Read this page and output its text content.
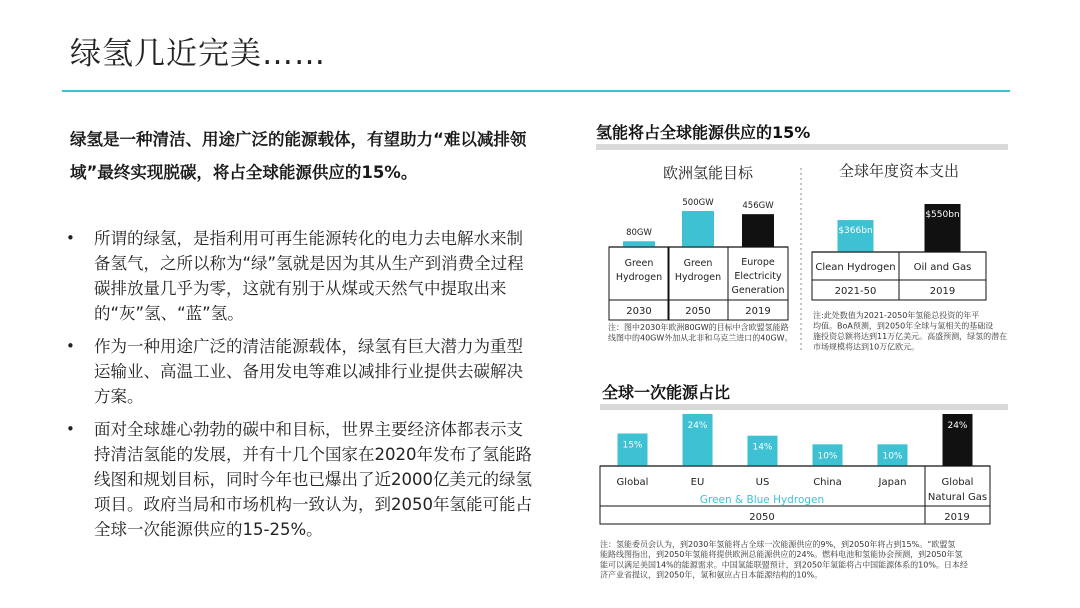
绿氢几近完美……
绿氢是一种清洁、用途广泛的能源载体，有望助力“难以减排领域”最终实现脱碳，将占全球能源供应的15%。
• 所谓的绿氢，是指利用可再生能源转化的电力去电解水来制备氢气，之所以称为“绿”氢就是因为其从生产到消费全过程碳排放量几乎为零，这就有别于从煤或天然气中提取出来的“灰”氢、“蓝”氢。
• 作为一种用途广泛的清洁能源载体，绿氢有巨大潜力为重型运输业、高温工业、备用发电等难以减排行业提供去碳解决方案。
• 面对全球雄心勃勃的碳中和目标，世界主要经济体都表示支持清洁氢能的发展，并有十几个国家在2020年发布了氢能路线图和规划目标，同时今年也已爆出了近2000亿美元的绿氢项目。政府当局和市场机构一致认为，到2050年氢能可能占全球一次能源供应的15-25%。
氢能将占全球能源供应的15%
全球一次能源占比
欧洲氢能目标
80GW
Green
Hydrogen
2030
500GW
Green
Hydrogen
2050
456GW
Europe
Electricity
Generation
2019
注：图中2030年欧洲80GW的目标中含欧盟氢能路线图中的40GW外加从北非和乌克兰进口的40GW。
全球年度资本支出
$366bn
Clean Hydrogen
2021-50
$550bn
Oil and Gas
2019
注:此处数值为2021-2050年氢能总投资的年平均值。BoA预测，到2050年全球与氢相关的基础设施投资总额将达到11万亿美元。高盛预测，绿氢的潜在市场规模将达到10万亿欧元。
15%
Global
24%
EU
14%
US
10%
China
10%
Japan
24%
Global
Natural Gas
Green & Blue Hydrogen
2050	2019
注：氢能委员会认为，到2030年氢能将占全球一次能源供应的9%，到2050年将占到15%。“欧盟氢能路线图指出，到2050年氢能将提供欧洲总能源供应的24%。燃料电池和氢能协会预测，到2050年氢能可以满足美国14%的能源需求。中国氢能联盟预计，到2050年氢能将占中国能源体系的10%。日本经济产业省提议，到2050年，氢和氨应占日本能源结构的10%。
